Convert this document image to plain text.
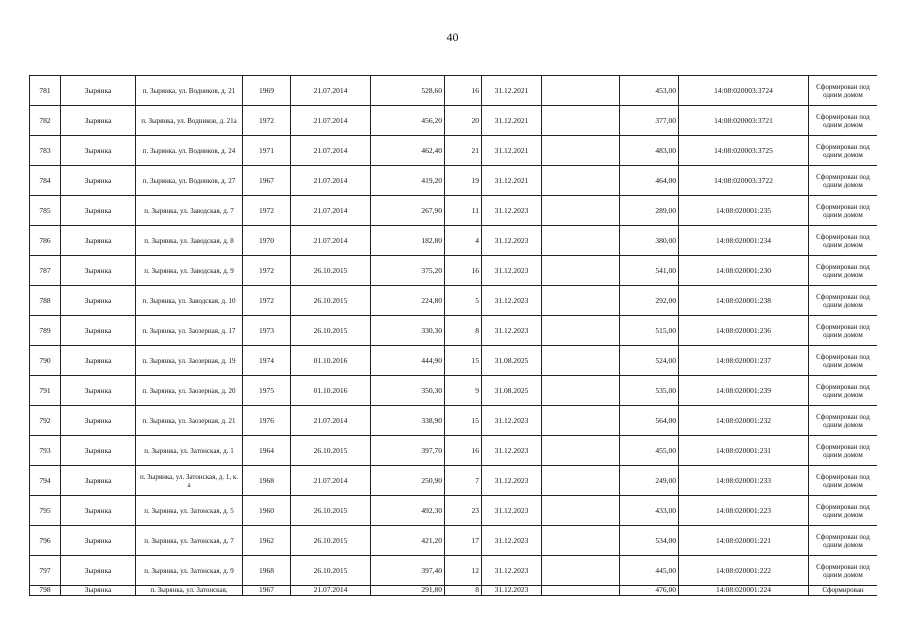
40
781	Зырянка	п. Зырянка, ул. Водников, д. 21	1969	21.07.2014	528,60	16	31.12.2021		453,00	14:08:020003:3724	Сформирован под одним домом
782	Зырянка	п. Зырянка, ул. Водников, д. 21а	1972	21.07.2014	456,20	20	31.12.2021		377,00	14:08:020003:3721	Сформирован под одним домом
783	Зырянка	п. Зырянка, ул. Водников, д. 24	1971	21.07.2014	462,40	21	31.12.2021		483,00	14:08:020003:3725	Сформирован под одним домом
784	Зырянка	п. Зырянка, ул. Водников, д. 27	1967	21.07.2014	419,20	19	31.12.2021		464,00	14:08:020003:3722	Сформирован под одним домом
785	Зырянка	п. Зырянка, ул. Заводская, д. 7	1972	21.07.2014	267,90	11	31.12.2023		289,00	14:08:020001:235	Сформирован под одним домом
786	Зырянка	п. Зырянка, ул. Заводская, д. 8	1970	21.07.2014	182,80	4	31.12.2023		380,00	14:08:020001:234	Сформирован под одним домом
787	Зырянка	п. Зырянка, ул. Заводская, д. 9	1972	26.10.2015	375,20	16	31.12.2023		541,00	14:08:020001:230	Сформирован под одним домом
788	Зырянка	п. Зырянка, ул. Заводская, д. 10	1972	26.10.2015	224,80	5	31.12.2023		292,00	14:08:020001:238	Сформирован под одним домом
789	Зырянка	п. Зырянка, ул. Заозерная, д. 17	1973	26.10.2015	330,30	8	31.12.2023		515,00	14:08:020001:236	Сформирован под одним домом
790	Зырянка	п. Зырянка, ул. Заозерная, д. 19	1974	01.10.2016	444,90	15	31.08.2025		524,00	14:08:020001:237	Сформирован под одним домом
791	Зырянка	п. Зырянка, ул. Заозерная, д. 20	1975	01.10.2016	350,30	9	31.08.2025		535,00	14:08:020001:239	Сформирован под одним домом
792	Зырянка	п. Зырянка, ул. Заозерная, д. 21	1976	21.07.2014	338,90	15	31.12.2023		564,00	14:08:020001:232	Сформирован под одним домом
793	Зырянка	п. Зырянка, ул. Затонская, д. 1	1964	26.10.2015	397,70	16	31.12.2023		455,00	14:08:020001:231	Сформирован под одним домом
794	Зырянка	п. Зырянка, ул. Затонская, д. 1, к. а	1968	21.07.2014	250,90	7	31.12.2023		249,00	14:08:020001:233	Сформирован под одним домом
795	Зырянка	п. Зырянка, ул. Затонская, д. 5	1960	26.10.2015	492,30	23	31.12.2023		433,00	14:08:020001:223	Сформирован под одним домом
796	Зырянка	п. Зырянка, ул. Затонская, д. 7	1962	26.10.2015	421,20	17	31.12.2023		534,00	14:08:020001:221	Сформирован под одним домом
797	Зырянка	п. Зырянка, ул. Затонская, д. 9	1968	26.10.2015	397,40	12	31.12.2023		445,00	14:08:020001:222	Сформирован под одним домом
798	Зырянка	п. Зырянка, ул. Затонская,	1967	21.07.2014	291,80	8	31.12.2023		476,00	14:08:020001:224	Сформирован
